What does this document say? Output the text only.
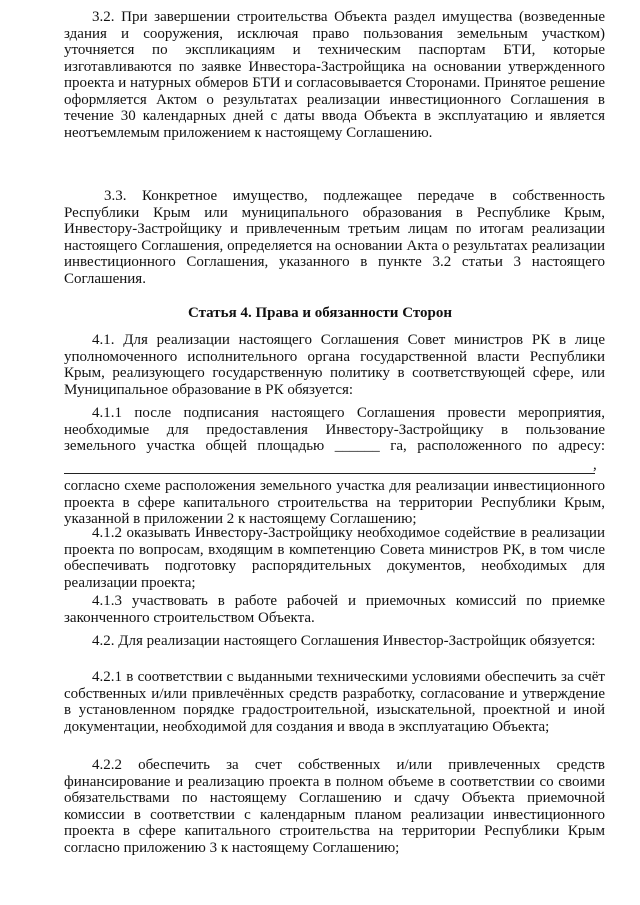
3.2. При завершении строительства Объекта раздел имущества (возведенные здания и сооружения, исключая право пользования земельным участком) уточняется по экспликациям и техническим паспортам БТИ, которые изготавливаются по заявке Инвестора-Застройщика на основании утвержденного проекта и натурных обмеров БТИ и согласовывается Сторонами. Принятое решение оформляется Актом о результатах реализации инвестиционного Соглашения в течение 30 календарных дней с даты ввода Объекта в эксплуатацию и является неотъемлемым приложением к настоящему Соглашению.

3.3. Конкретное имущество, подлежащее передаче в собственность Республики Крым или муниципального образования в Республике Крым, Инвестору-Застройщику и привлеченным третьим лицам по итогам реализации настоящего Соглашения, определяется на основании Акта о результатах реализации инвестиционного Соглашения, указанного в пункте 3.2 статьи 3 настоящего Соглашения.

Статья 4. Права и обязанности Сторон

4.1. Для реализации настоящего Соглашения Совет министров РК в лице уполномоченного исполнительного органа государственной власти Республики Крым, реализующего государственную политику в соответствующей сфере, или Муниципальное образование в РК обязуется:

4.1.1 после подписания настоящего Соглашения провести мероприятия, необходимые для предоставления Инвестору-Застройщику в пользование земельного участка общей площадью ______ га, расположенного по адресу:

,

согласно схеме расположения земельного участка для реализации инвестиционного проекта в сфере капитального строительства на территории Республики Крым, указанной в приложении 2 к настоящему Соглашению;

4.1.2 оказывать Инвестору-Застройщику необходимое содействие в реализации проекта по вопросам, входящим в компетенцию Совета министров РК, в том числе обеспечивать подготовку распорядительных документов, необходимых для реализации проекта;

4.1.3 участвовать в работе рабочей и приемочных комиссий по приемке законченного строительством Объекта.

4.2. Для реализации настоящего Соглашения Инвестор-Застройщик обязуется:

4.2.1 в соответствии с выданными техническими условиями обеспечить за счёт собственных и/или привлечённых средств разработку, согласование и утверждение в установленном порядке градостроительной, изыскательной, проектной и иной документации, необходимой для создания и ввода в эксплуатацию Объекта;

4.2.2 обеспечить за счет собственных и/или привлеченных средств финансирование и реализацию проекта в полном объеме в соответствии со своими обязательствами по настоящему Соглашению и сдачу Объекта приемочной комиссии в соответствии с календарным планом реализации инвестиционного проекта в сфере капитального строительства на территории Республики Крым согласно приложению 3 к настоящему Соглашению;
